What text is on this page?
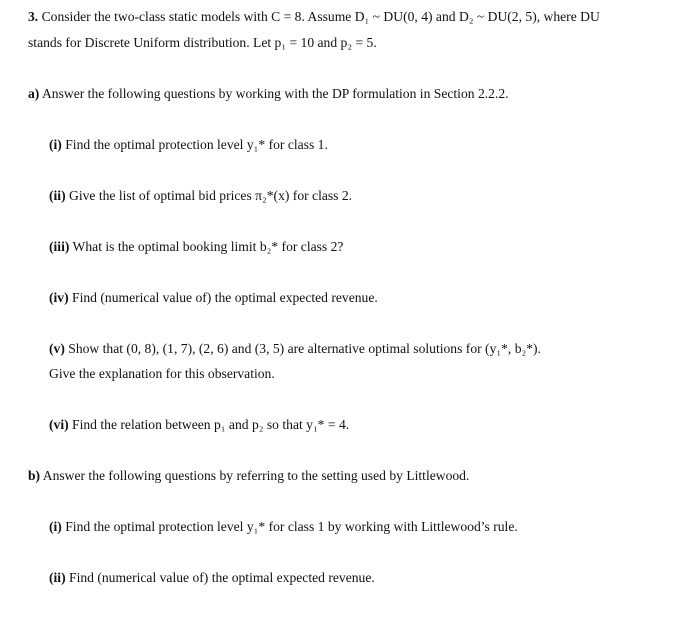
3. Consider the two-class static models with C = 8. Assume D₁ ~ DU(0, 4) and D₂ ~ DU(2, 5), where DU
stands for Discrete Uniform distribution. Let p₁ = 10 and p₂ = 5.
a) Answer the following questions by working with the DP formulation in Section 2.2.2.
(i) Find the optimal protection level y₁* for class 1.
(ii) Give the list of optimal bid prices π₂*(x) for class 2.
(iii) What is the optimal booking limit b₂* for class 2?
(iv) Find (numerical value of) the optimal expected revenue.
(v) Show that (0, 8), (1, 7), (2, 6) and (3, 5) are alternative optimal solutions for (y₁*, b₂*).
Give the explanation for this observation.
(vi) Find the relation between p₁ and p₂ so that y₁* = 4.
b) Answer the following questions by referring to the setting used by Littlewood.
(i) Find the optimal protection level y₁* for class 1 by working with Littlewood’s rule.
(ii) Find (numerical value of) the optimal expected revenue.
